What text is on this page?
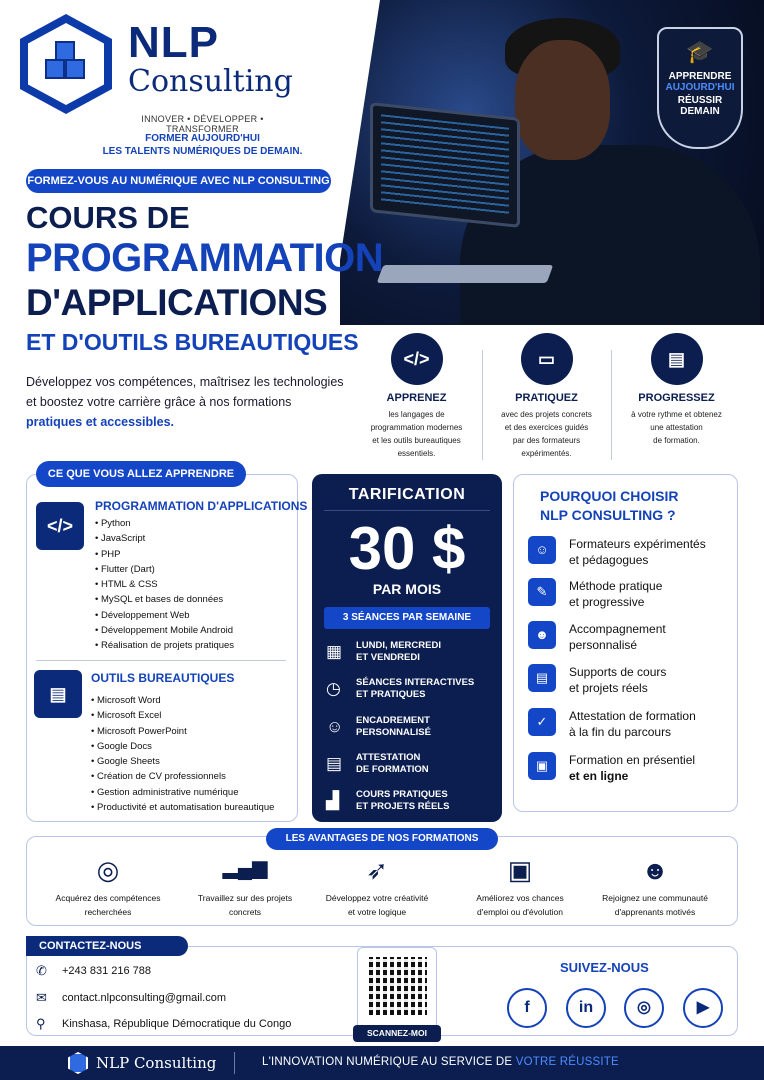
🎓
APPRENDRE
AUJOURD'HUI
RÉUSSIR
DEMAIN
NLP
Consulting
INNOVER • DÉVELOPPER • TRANSFORMER
FORMER AUJOURD'HUI
LES TALENTS NUMÉRIQUES DE DEMAIN.
FORMEZ-VOUS AU NUMÉRIQUE AVEC NLP CONSULTING
COURS DE
PROGRAMMATION
D'APPLICATIONS
ET D'OUTILS BUREAUTIQUES
Développez vos compétences, maîtrisez les technologies
et boostez votre carrière grâce à nos formations
pratiques et accessibles.
</>
APPRENEZ
les langages de
programmation modernes
et les outils bureautiques
essentiels.
▭
PRATIQUEZ
avec des projets concrets
et des exercices guidés
par des formateurs
expérimentés.
▤
PROGRESSEZ
à votre rythme et obtenez
une attestation
de formation.
CE QUE VOUS ALLEZ APPRENDRE
</>
PROGRAMMATION D'APPLICATIONS
• Python
• JavaScript
• PHP
• Flutter (Dart)
• HTML & CSS
• MySQL et bases de données
• Développement Web
• Développement Mobile Android
• Réalisation de projets pratiques
▤
OUTILS BUREAUTIQUES
• Microsoft Word
• Microsoft Excel
• Microsoft PowerPoint
• Google Docs
• Google Sheets
• Création de CV professionnels
• Gestion administrative numérique
• Productivité et automatisation bureautique
TARIFICATION
30 $
PAR MOIS
3 SÉANCES PAR SEMAINE
▦	LUNDI, MERCREDI
ET VENDREDI
◷	SÉANCES INTERACTIVES
ET PRATIQUES
☺	ENCADREMENT
PERSONNALISÉ
▤	ATTESTATION
DE FORMATION
▟	COURS PRATIQUES
ET PROJETS RÉELS
POURQUOI CHOISIR
NLP CONSULTING ?
☺	Formateurs expérimentés
et pédagogues
✎	Méthode pratique
et progressive
☻	Accompagnement
personnalisé
▤	Supports de cours
et projets réels
✓	Attestation de formation
à la fin du parcours
▣	Formation en présentiel
et en ligne
LES AVANTAGES DE NOS FORMATIONS
◎
Acquérez des compétences
recherchées
▂▄▆
Travaillez sur des projets
concrets
➶
Développez votre créativité
et votre logique
▣
Améliorez vos chances
d'emploi ou d'évolution
☻
Rejoignez une communauté
d'apprenants motivés
CONTACTEZ-NOUS
✆	+243 831 216 788
✉	contact.nlpconsulting@gmail.com
⚲	Kinshasa, République Démocratique du Congo
SCANNEZ-MOI
SUIVEZ-NOUS
f	in	◎	▶
NLP Consulting	L'INNOVATION NUMÉRIQUE AU SERVICE DE VOTRE RÉUSSITE
